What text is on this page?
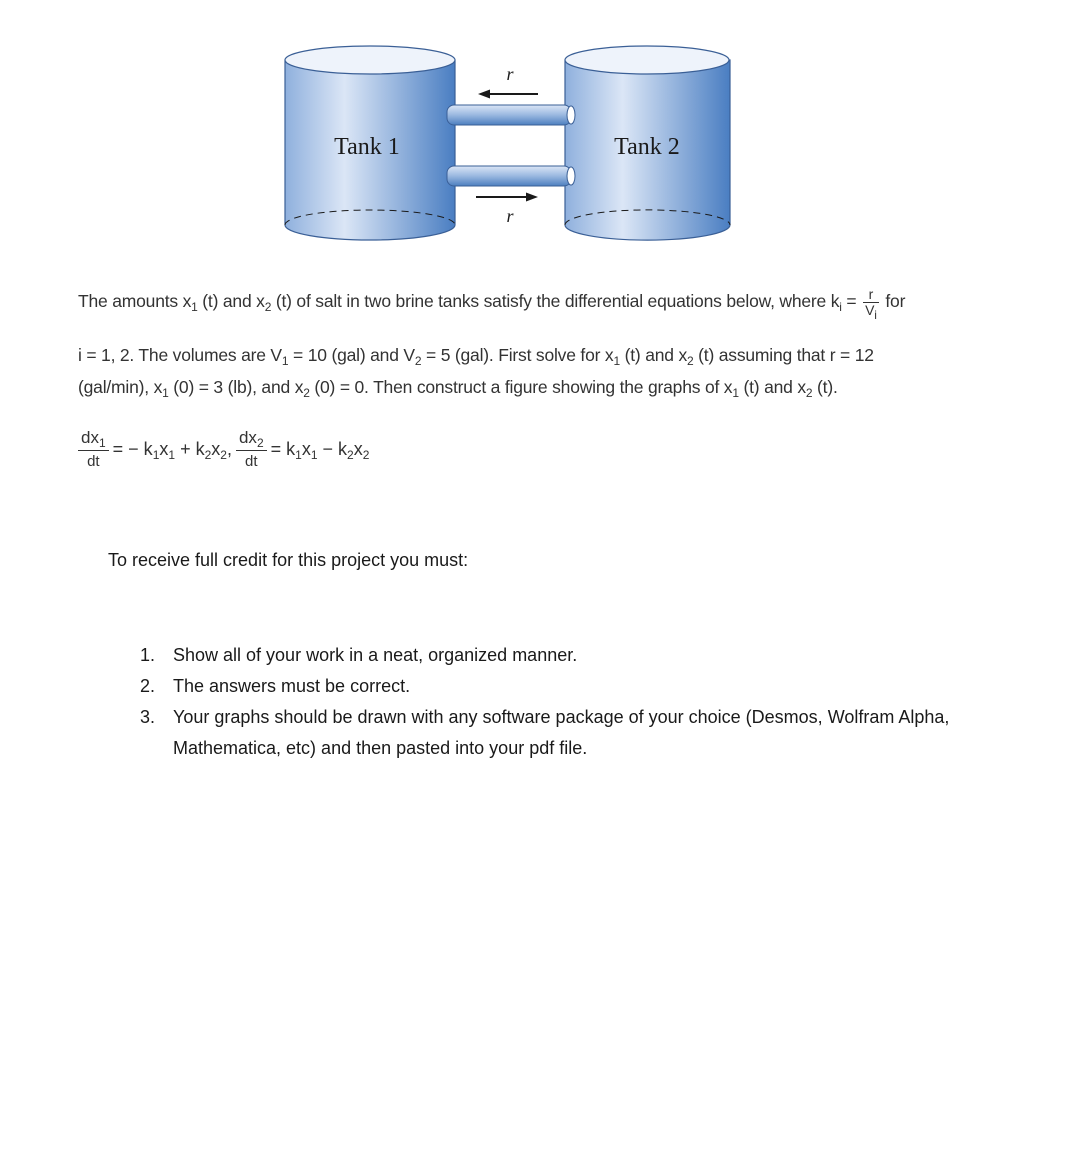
Tank 1	Tank 2
r
r
The amounts $x_1$ (t) and $x_2$ (t) of salt in two brine tanks satisfy the differential equations below, where $k_i = \frac{r}{V_i}$ for
i = 1, 2. The volumes are $V_1 = 10$ (gal) and $V_2 = 5$ (gal). First solve for $x_1$ (t) and $x_2$ (t) assuming that r = 12
(gal/min), $x_1$ (0) = 3 (lb), and $x_2$ (0) = 0. Then construct a figure showing the graphs of $x_1$ (t) and $x_2$ (t).
$\frac{dx_1}{dt}$ = − $k_1x_1 + k_2x_2$, $\frac{dx_2}{dt} = k_1x_1 - k_2x_2$
To receive full credit for this project you must:
1. Show all of your work in a neat, organized manner.
2. The answers must be correct.
3. Your graphs should be drawn with any software package of your choice (Desmos, Wolfram Alpha, Mathematica, etc) and then pasted into your pdf file.
